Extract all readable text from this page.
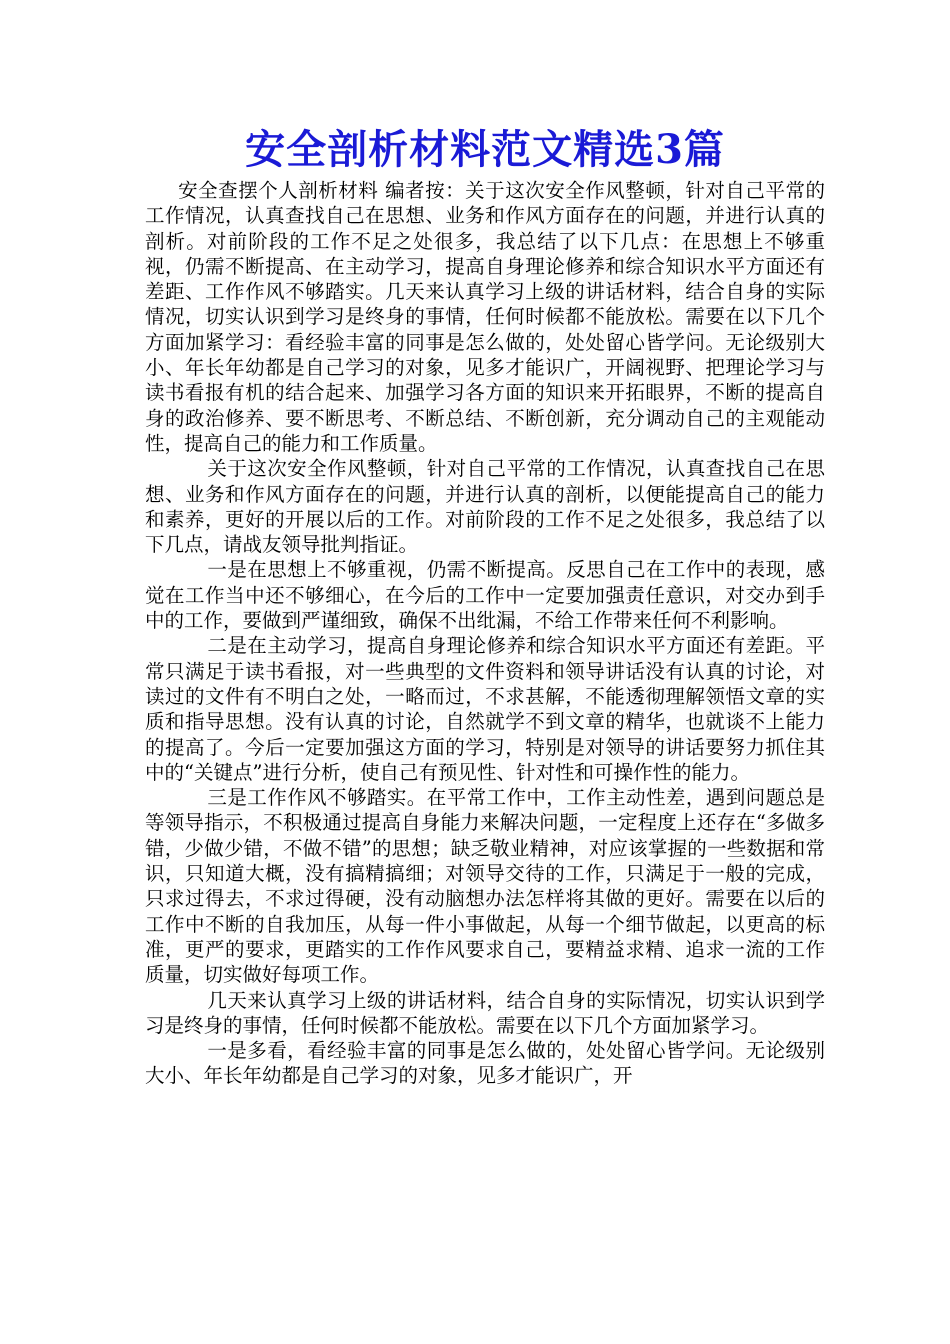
安全剖析材料范文精选3篇

安全查摆个人剖析材料 编者按：关于这次安全作风整顿，针对自己平常的工作情况，认真查找自己在思想、业务和作风方面存在的问题，并进行认真的剖析。对前阶段的工作不足之处很多，我总结了以下几点：在思想上不够重视，仍需不断提高、在主动学习，提高自身理论修养和综合知识水平方面还有差距、工作作风不够踏实。几天来认真学习上级的讲话材料，结合自身的实际情况，切实认识到学习是终身的事情，任何时候都不能放松。需要在以下几个方面加紧学习：看经验丰富的同事是怎么做的，处处留心皆学问。无论级别大小、年长年幼都是自己学习的对象，见多才能识广，开阔视野、把理论学习与读书看报有机的结合起来、加强学习各方面的知识来开拓眼界，不断的提高自身的政治修养、要不断思考、不断总结、不断创新，充分调动自己的主观能动性，提高自己的能力和工作质量。

关于这次安全作风整顿，针对自己平常的工作情况，认真查找自己在思想、业务和作风方面存在的问题，并进行认真的剖析，以便能提高自己的能力和素养，更好的开展以后的工作。对前阶段的工作不足之处很多，我总结了以下几点，请战友领导批判指证。

一是在思想上不够重视，仍需不断提高。反思自己在工作中的表现，感觉在工作当中还不够细心，在今后的工作中一定要加强责任意识，对交办到手中的工作，要做到严谨细致，确保不出纰漏，不给工作带来任何不利影响。

二是在主动学习，提高自身理论修养和综合知识水平方面还有差距。平常只满足于读书看报，对一些典型的文件资料和领导讲话没有认真的讨论，对读过的文件有不明白之处，一略而过，不求甚解，不能透彻理解领悟文章的实质和指导思想。没有认真的讨论，自然就学不到文章的精华，也就谈不上能力的提高了。今后一定要加强这方面的学习，特别是对领导的讲话要努力抓住其中的“关键点”进行分析，使自己有预见性、针对性和可操作性的能力。

三是工作作风不够踏实。在平常工作中，工作主动性差，遇到问题总是等领导指示，不积极通过提高自身能力来解决问题，一定程度上还存在“多做多错，少做少错，不做不错”的思想；缺乏敬业精神，对应该掌握的一些数据和常识，只知道大概，没有搞精搞细；对领导交待的工作，只满足于一般的完成，只求过得去，不求过得硬，没有动脑想办法怎样将其做的更好。需要在以后的工作中不断的自我加压，从每一件小事做起，从每一个细节做起，以更高的标准，更严的要求，更踏实的工作作风要求自己，要精益求精、追求一流的工作质量，切实做好每项工作。

几天来认真学习上级的讲话材料，结合自身的实际情况，切实认识到学习是终身的事情，任何时候都不能放松。需要在以下几个方面加紧学习。

一是多看，看经验丰富的同事是怎么做的，处处留心皆学问。无论级别大小、年长年幼都是自己学习的对象，见多才能识广，开
